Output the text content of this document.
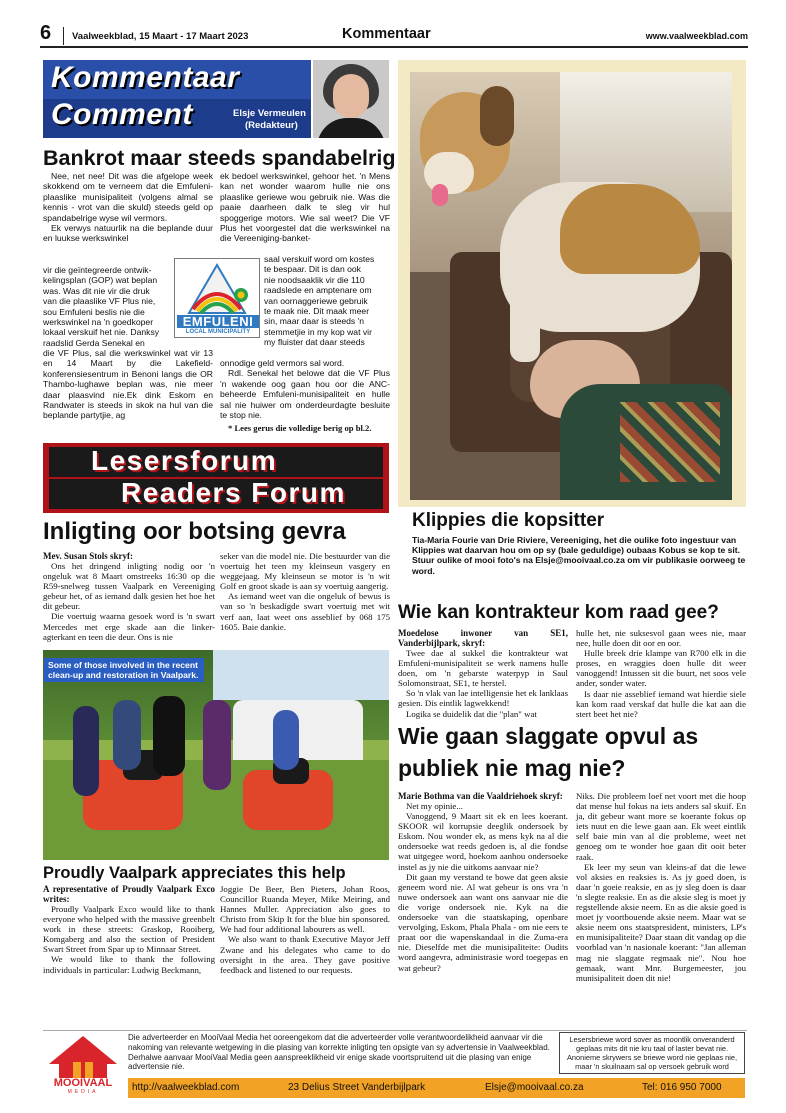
6 Vaalweekblad, 15 Maart - 17 Maart 2023	Kommentaar	www.vaalweekblad.com
Kommentaar
Comment	Elsje Vermeulen
(Redakteur)
Bankrot maar steeds spandabelrig

Nee, net nee! Dit was die afgelope week skokkend om te verneem dat die Emfuleni-plaaslike munisipaliteit (volgens almal se kennis - vrot van die skuld) steeds geld op spandabelrige wyse wil vermors.

Ek verwys natuurlik na die beplande duur en luukse werkswinkel

vir die geïntegreerde ontwik-
kelingsplan (GOP) wat beplan
was. Was dit nie vir die druk
van die plaaslike VF Plus nie,
sou Emfuleni beslis nie die
werkswinkel na 'n goedkoper
lokaal verskuif het nie. Danksy
raadslid Gerda Senekal en

die VF Plus, sal die werkswinkel wat vir 13 en 14 Maart by die Lakefield-konferensiesentrum in Benoni langs die OR Thambo-lughawe beplan was, nie meer daar plaasvind nie.Ek dink Eskom en Randwater is steeds in skok na hul van die beplande partytjie, ag

ek bedoel werkswinkel, gehoor het. 'n Mens kan net wonder waarom hulle nie ons plaaslike geriewe wou gebruik nie. Was die paaie daarheen dalk te sleg vir hul spoggerige motors. Wie sal weet? Die VF Plus het voorgestel dat die werkswinkel na die Vereeniging-banket-

saal verskuif word om kostes
te bespaar. Dit is dan ook
nie noodsaaklik vir die 110
raadslede en amptenare om
van oornaggeriewe gebruik
te maak nie. Dit maak meer
sin, maar daar is steeds 'n
stemmetjie in my kop wat vir
my fluister dat daar steeds
onnodige geld vermors sal word.

Rdl. Senekal het belowe dat die VF Plus 'n wakende oog gaan hou oor die ANC-beheerde Emfuleni-munisipaliteit en hulle sal nie huiwer om onderdeurdagte besluite te stop nie.

* Lees gerus die volledige berig op bl.2.
EMFULENI
LOCAL MUNICIPALITY
Klippies die kopsitter
Tia-Maria Fourie van Drie Riviere, Vereeniging, het die oulike foto ingestuur van Klippies wat daarvan hou om op sy (bale geduldige) oubaas Kobus se kop te sit. Stuur oulike of mooi foto's na Elsje@mooivaal.co.za om vir publikasie oorweeg te word.
Lesersforum
Readers Forum
Inligting oor botsing gevra
Mev. Susan Stols skryf:

Ons het dringend inligting nodig oor 'n ongeluk wat 8 Maart omstreeks 16:30 op die R59-snelweg tussen Vaalpark en Vereeniging gebeur het, of as iemand dalk gesien het hoe het dit gebeur.

Die voertuig waarna gesoek word is 'n swart Mercedes met erge skade aan die linker-agterkant en teen die deur. Ons is nie

seker van die model nie. Die bestuurder van die voertuig het teen my kleinseun vasgery en weggejaag. My kleinseun se motor is 'n wit Golf en groot skade is aan sy voertuig aangerig.

As iemand weet van die ongeluk of bewus is van so 'n beskadigde swart voertuig met wit verf aan, laat weet ons asseblief by 068 175 1605. Baie dankie.

Some of those involved in the recent clean-up and restoration in Vaalpark.
Proudly Vaalpark appreciates this help
A representative of Proudly Vaalpark Exco writes:

Proudly Vaalpark Exco would like to thank everyone who helped with the massive greenbelt work in these streets: Graskop, Rooiberg, Komgaberg and also the section of President Swart Street from Spar up to Minnaar Street.

We would like to thank the following individuals in particular: Ludwig Beckmann,

Joggie De Beer, Ben Pieters, Johan Roos, Councillor Ruanda Meyer, Mike Meiring, and Hannes Muller. Appreciation also goes to Christo from Skip It for the blue bin sponsored. We had four additional labourers as well.

We also want to thank Executive Mayor Jeff Zwane and his delegates who came to do oversight in the area. They gave positive feedback and listened to our requests.

Wie kan kontrakteur kom raad gee?
Moedelose inwoner van SE1, Vanderbijlpark, skryf:

Twee dae al sukkel die kontrakteur wat Emfuleni-munisipaliteit se werk namens hulle doen, om 'n gebarste waterpyp in Saul Solomonstraat, SE1, te herstel.

So 'n vlak van lae intelligensie het ek lanklaas gesien. Dis eintlik lagwekkend!

Logika se duidelik dat die "plan" wat

hulle het, nie suksesvol gaan wees nie, maar nee, hulle doen dit oor en oor.

Hulle breek drie klampe van R700 elk in die proses, en wraggies doen hulle dit weer vanoggend! Intussen sit die buurt, net soos vele ander, sonder water.

Is daar nie asseblief iemand wat hierdie siele kan kom raad verskaf dat hulle die kat aan die stert beet het nie?

Wie gaan slaggate opvul as
publiek nie mag nie?
Marie Bothma van die Vaaldriehoek skryf:

Net my opinie...

Vanoggend, 9 Maart sit ek en lees koerant. SKOOR wil korrupsie deeglik ondersoek by Eskom. Nou wonder ek, as mens kyk na al die ondersoeke wat reeds gedoen is, al die fondse wat uitgegee word, hoekom aanhou ondersoeke instel as jy nie die uitkoms aanvaar nie?

Dit gaan my verstand te bowe dat geen aksie geneem word nie. Al wat gebeur is ons vra 'n nuwe ondersoek aan want ons aanvaar nie die die vorige ondersoek nie. Kyk na die ondersoeke van die staatskaping, openbare vervolging, Eskom, Phala Phala - om nie eers te praat oor die wapenskandaal in die Zuma-era nie. Dieselfde met die munisipaliteite: Oudits word aangevra, administrasie word toegepas en wat gebeur?

Niks. Die probleem loef net voort met die hoop dat mense hul fokus na iets anders sal skuif. En ja, dit gebeur want more se koerante fokus op iets nuut en die lewe gaan aan. Ek weet eintlik self baie min van al die probleme, weet net genoeg om te wonder hoe gaan dit ooit beter raak.

Ek leer my seun van kleins-af dat die lewe vol aksies en reaksies is. As jy goed doen, is daar 'n goeie reaksie, en as jy sleg doen is daar 'n slegte reaksie. En as die aksie sleg is moet jy regstellende aksie neem. En as die aksie goed is moet jy voortbouende aksie neem. Maar wat se aksie neem ons staatspresident, ministers, LP's en munisipaliteite? Daar staan dit vandag op die voorblad van 'n nasionale koerant: "Jan alleman mag nie slaggate regmaak nie". Nou hoe gemaak, want Mnr. Burgemeester, jou munisipaliteit doen dit nie!

MOOIVAAL
MEDIA
Die adverteerder en MooiVaal Media het ooreengekom dat die adverteerder volle verantwoordelikheid aanvaar vir die nakoming van relevante wetgewing in die plasing van korrekte inligting ten opsigte van sy advertensie in Vaalweekblad. Derhalwe aanvaar MooiVaal Media geen aanspreeklikheid vir enige skade voortspruitend uit die plasing van enige advertensie nie.
Lesersbriewe word sover as moontlik onveranderd geplaas mits dit nie kru taal of laster bevat nie. Anonieme skrywers se briewe word nie geplaas nie, maar 'n skuilnaam sal op versoek gebruik word
http://vaalweekblad.com	23 Delius Street Vanderbijlpark	Elsje@mooivaal.co.za	Tel: 016 950 7000
